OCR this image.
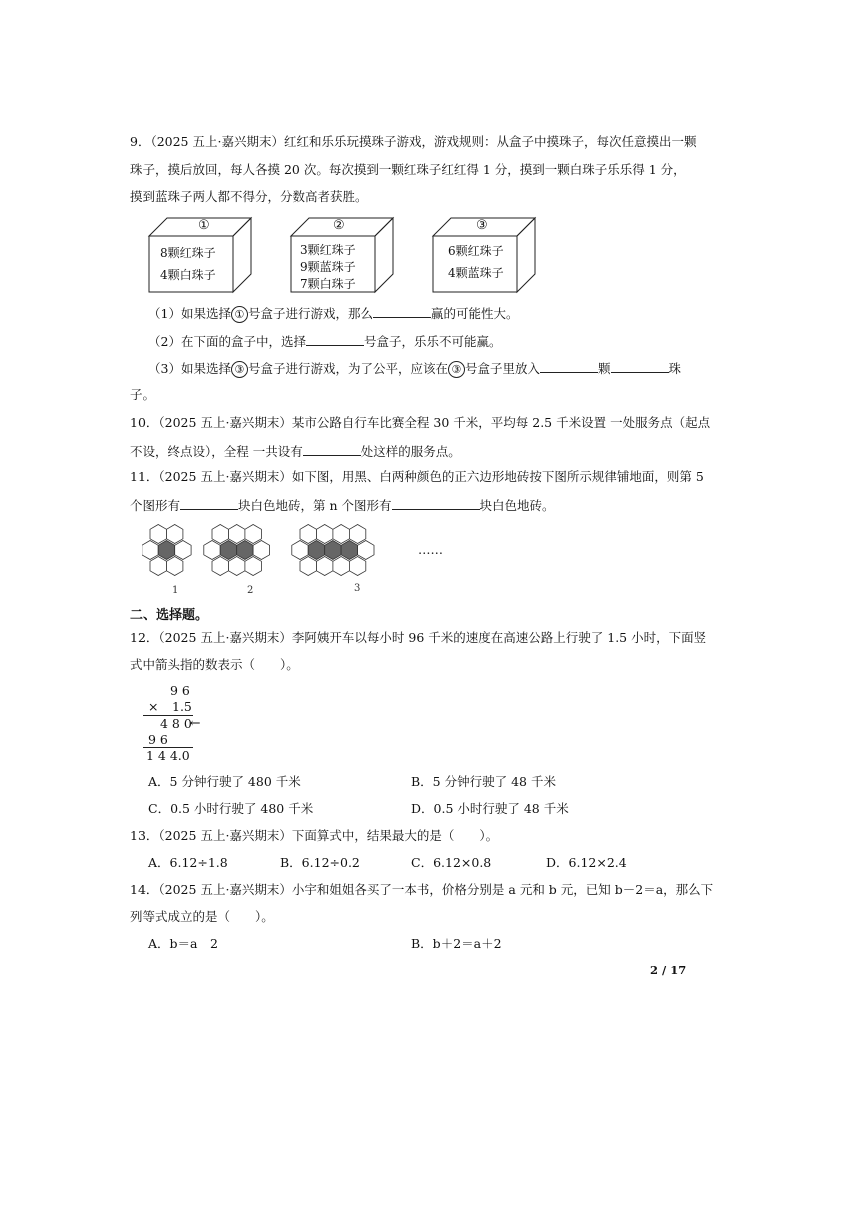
9．（2025 五上·嘉兴期末）红红和乐乐玩摸珠子游戏，游戏规则：从盒子中摸珠子，每次任意摸出一颗
珠子，摸后放回，每人各摸 20 次。每次摸到一颗红珠子红红得 1 分，摸到一颗白珠子乐乐得 1 分，
摸到蓝珠子两人都不得分，分数高者获胜。
①
8颗红珠子
4颗白珠子
②
3颗红珠子
9颗蓝珠子
7颗白珠子
③
6颗红珠子
4颗蓝珠子
（1）如果选择 ① 号盒子进行游戏，那么	赢的可能性大。
（2）在下面的盒子中，选择	号盒子，乐乐不可能赢。
（3）如果选择 ③ 号盒子进行游戏，为了公平，应该在 ③ 号盒子里放入	颗	珠
子。
10．（2025 五上·嘉兴期末）某市公路自行车比赛全程 30 千米，平均每 2.5 千米设置 一处服务点（起点
不设，终点设），全程 一共设有	处这样的服务点。
11．（2025 五上·嘉兴期末）如下图，用黑、白两种颜色的正六边形地砖按下图所示规律铺地面，则第 5
个图形有	块白色地砖，第 n 个图形有	块白色地砖。
……
1	2	3
二、选择题。
12．（2025 五上·嘉兴期末）李阿姨开车以每小时 96 千米的速度在高速公路上行驶了 1.5 小时，下面竖
式中箭头指的数表示（　　）。
9 6
× 1.5
4 8 0
←
9 6
1 4 4.0
A．5 分钟行驶了 480 千米	B．5 分钟行驶了 48 千米
C．0.5 小时行驶了 480 千米	D．0.5 小时行驶了 48 千米
13．（2025 五上·嘉兴期末）下面算式中，结果最大的是（　　）。
A．6.12÷1.8	B．6.12÷0.2	C．6.12×0.8	D．6.12×2.4
14．（2025 五上·嘉兴期末）小宇和姐姐各买了一本书，价格分别是 a 元和 b 元，已知 b－2＝a，那么下
列等式成立的是（　　）。
A．b＝a　2	B．b＋2＝a＋2
2 / 17
